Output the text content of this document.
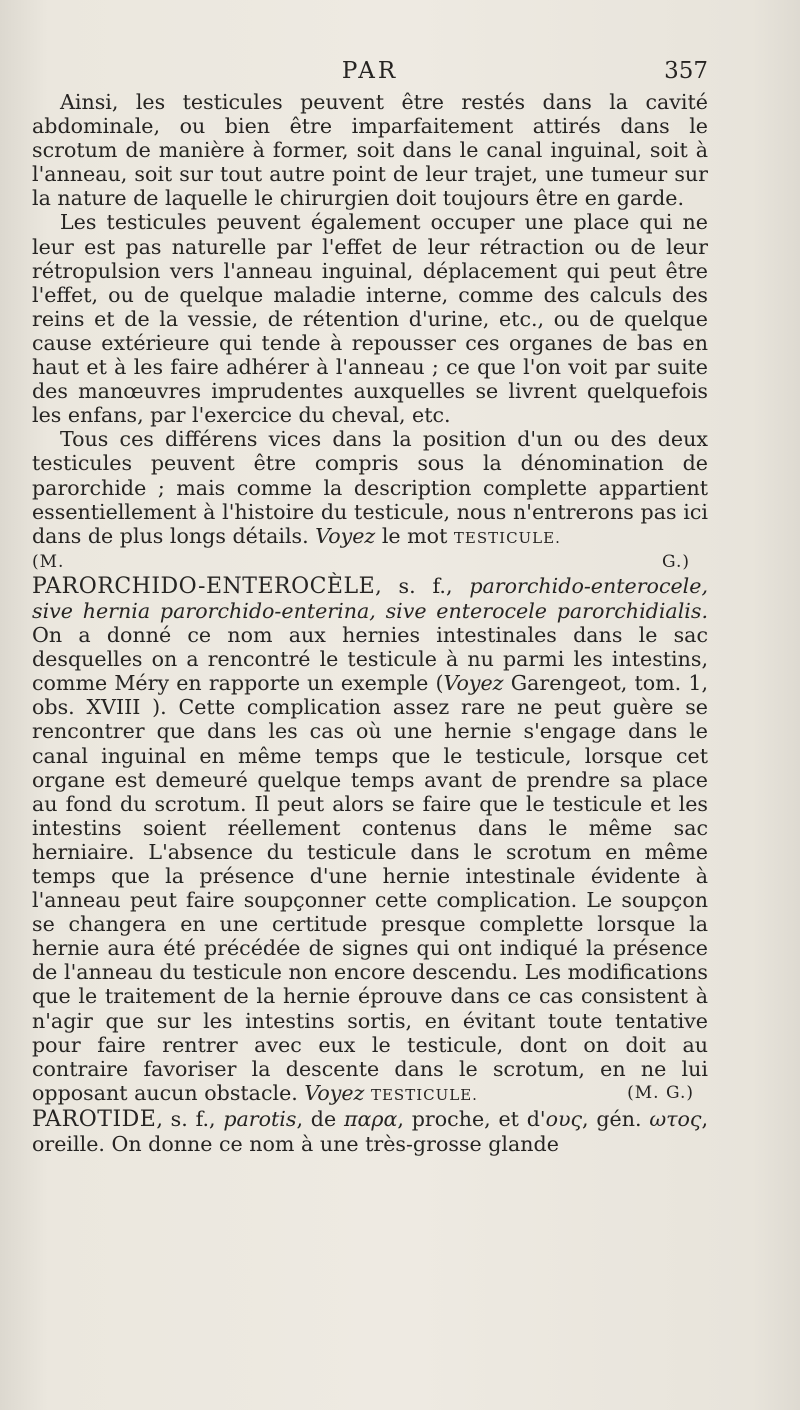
PAR	357

Ainsi, les testicules peuvent être restés dans la cavité abdominale, ou bien être imparfaitement attirés dans le scrotum de manière à former, soit dans le canal inguinal, soit à l'anneau, soit sur tout autre point de leur trajet, une tumeur sur la nature de laquelle le chirurgien doit toujours être en garde.

Les testicules peuvent également occuper une place qui ne leur est pas naturelle par l'effet de leur rétraction ou de leur rétropulsion vers l'anneau inguinal, déplacement qui peut être l'effet, ou de quelque maladie interne, comme des calculs des reins et de la vessie, de rétention d'urine, etc., ou de quelque cause extérieure qui tende à repousser ces organes de bas en haut et à les faire adhérer à l'anneau ; ce que l'on voit par suite des manœuvres imprudentes auxquelles se livrent quelquefois les enfans, par l'exercice du cheval, etc.

Tous ces différens vices dans la position d'un ou des deux testicules peuvent être compris sous la dénomination de parorchide ; mais comme la description complette appartient essentiellement à l'histoire du testicule, nous n'entrerons pas ici dans de plus longs détails. Voyez le mot TESTICULE.

(M. G.)

PARORCHIDO-ENTEROCÈLE, s. f., parorchido-enterocele, sive hernia parorchido-enterina, sive enterocele parorchidialis. On a donné ce nom aux hernies intestinales dans le sac desquelles on a rencontré le testicule à nu parmi les intestins, comme Méry en rapporte un exemple (Voyez Garengeot, tom. 1, obs. XVIII ). Cette complication assez rare ne peut guère se rencontrer que dans les cas où une hernie s'engage dans le canal inguinal en même temps que le testicule, lorsque cet organe est demeuré quelque temps avant de prendre sa place au fond du scrotum. Il peut alors se faire que le testicule et les intestins soient réellement contenus dans le même sac herniaire. L'absence du testicule dans le scrotum en même temps que la présence d'une hernie intestinale évidente à l'anneau peut faire soupçonner cette complication. Le soupçon se changera en une certitude presque complette lorsque la hernie aura été précédée de signes qui ont indiqué la présence de l'anneau du testicule non encore descendu. Les modifications que le traitement de la hernie éprouve dans ce cas consistent à n'agir que sur les intestins sortis, en évitant toute tentative pour faire rentrer avec eux le testicule, dont on doit au contraire favoriser la descente dans le scrotum, en ne lui opposant aucun obstacle. Voyez TESTICULE.	(M. G.)

PAROTIDE, s. f., parotis, de παρα, proche, et d'ους, gén. ωτος, oreille. On donne ce nom à une très-grosse glande
